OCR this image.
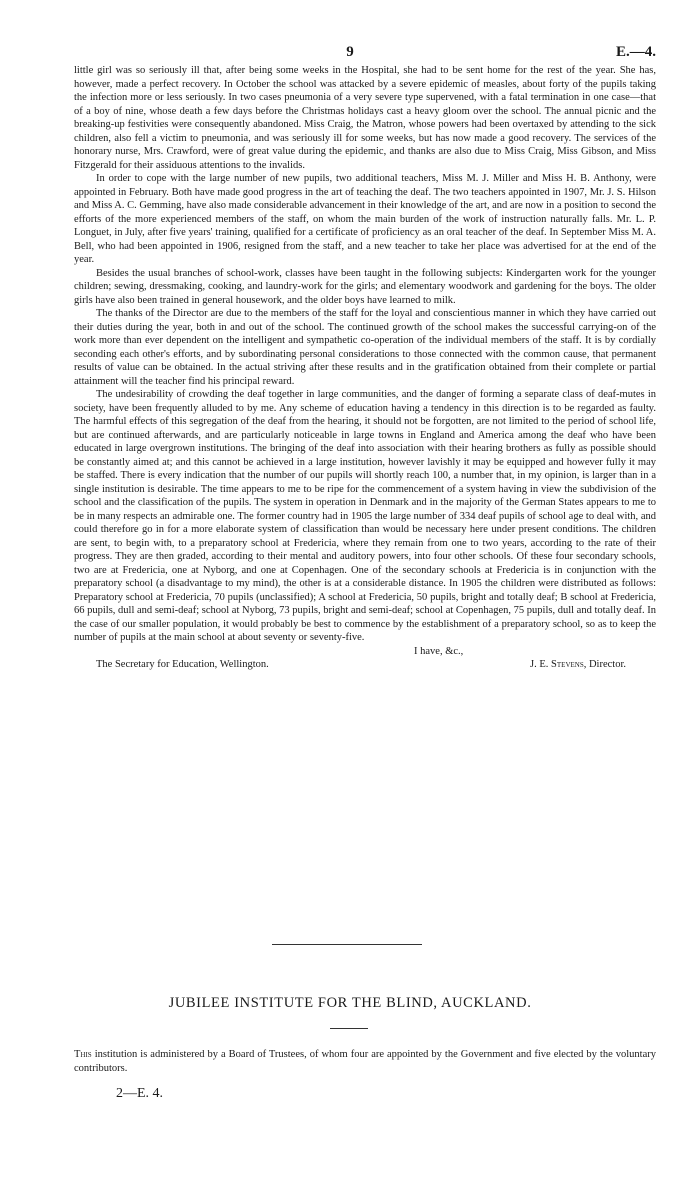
9	E.—4.

little girl was so seriously ill that, after being some weeks in the Hospital, she had to be sent home for the rest of the year. She has, however, made a perfect recovery. In October the school was attacked by a severe epidemic of measles, about forty of the pupils taking the infection more or less seriously. In two cases pneumonia of a very severe type supervened, with a fatal termination in one case—that of a boy of nine, whose death a few days before the Christmas holidays cast a heavy gloom over the school. The annual picnic and the breaking-up festivities were consequently abandoned. Miss Craig, the Matron, whose powers had been overtaxed by attending to the sick children, also fell a victim to pneumonia, and was seriously ill for some weeks, but has now made a good recovery. The services of the honorary nurse, Mrs. Crawford, were of great value during the epidemic, and thanks are also due to Miss Craig, Miss Gibson, and Miss Fitzgerald for their assiduous attentions to the invalids.

In order to cope with the large number of new pupils, two additional teachers, Miss M. J. Miller and Miss H. B. Anthony, were appointed in February. Both have made good progress in the art of teaching the deaf. The two teachers appointed in 1907, Mr. J. S. Hilson and Miss A. C. Gemming, have also made considerable advancement in their knowledge of the art, and are now in a position to second the efforts of the more experienced members of the staff, on whom the main burden of the work of instruction naturally falls. Mr. L. P. Longuet, in July, after five years' training, qualified for a certificate of proficiency as an oral teacher of the deaf. In September Miss M. A. Bell, who had been appointed in 1906, resigned from the staff, and a new teacher to take her place was advertised for at the end of the year.

Besides the usual branches of school-work, classes have been taught in the following subjects: Kindergarten work for the younger children; sewing, dressmaking, cooking, and laundry-work for the girls; and elementary woodwork and gardening for the boys. The older girls have also been trained in general housework, and the older boys have learned to milk.

The thanks of the Director are due to the members of the staff for the loyal and conscientious manner in which they have carried out their duties during the year, both in and out of the school. The continued growth of the school makes the successful carrying-on of the work more than ever dependent on the intelligent and sympathetic co-operation of the individual members of the staff. It is by cordially seconding each other's efforts, and by subordinating personal considerations to those connected with the common cause, that permanent results of value can be obtained. In the actual striving after these results and in the gratification obtained from their complete or partial attainment will the teacher find his principal reward.

The undesirability of crowding the deaf together in large communities, and the danger of forming a separate class of deaf-mutes in society, have been frequently alluded to by me. Any scheme of education having a tendency in this direction is to be regarded as faulty. The harmful effects of this segregation of the deaf from the hearing, it should not be forgotten, are not limited to the period of school life, but are continued afterwards, and are particularly noticeable in large towns in England and America among the deaf who have been educated in large overgrown institutions. The bringing of the deaf into association with their hearing brothers as fully as possible should be constantly aimed at; and this cannot be achieved in a large institution, however lavishly it may be equipped and however fully it may be staffed. There is every indication that the number of our pupils will shortly reach 100, a number that, in my opinion, is larger than in a single institution is desirable. The time appears to me to be ripe for the commencement of a system having in view the subdivision of the school and the classification of the pupils. The system in operation in Denmark and in the majority of the German States appears to me to be in many respects an admirable one. The former country had in 1905 the large number of 334 deaf pupils of school age to deal with, and could therefore go in for a more elaborate system of classification than would be necessary here under present conditions. The children are sent, to begin with, to a preparatory school at Fredericia, where they remain from one to two years, according to the rate of their progress. They are then graded, according to their mental and auditory powers, into four other schools. Of these four secondary schools, two are at Fredericia, one at Nyborg, and one at Copenhagen. One of the secondary schools at Fredericia is in conjunction with the preparatory school (a disadvantage to my mind), the other is at a considerable distance. In 1905 the children were distributed as follows: Preparatory school at Fredericia, 70 pupils (unclassified); A school at Fredericia, 50 pupils, bright and totally deaf; B school at Fredericia, 66 pupils, dull and semi-deaf; school at Nyborg, 73 pupils, bright and semi-deaf; school at Copenhagen, 75 pupils, dull and totally deaf. In the case of our smaller population, it would probably be best to commence by the establishment of a preparatory school, so as to keep the number of pupils at the main school at about seventy or seventy-five.

I have, &c.,
The Secretary for Education, Wellington.	J. E. Stevens, Director.
JUBILEE INSTITUTE FOR THE BLIND, AUCKLAND.
This institution is administered by a Board of Trustees, of whom four are appointed by the Government and five elected by the voluntary contributors.
2—E. 4.
